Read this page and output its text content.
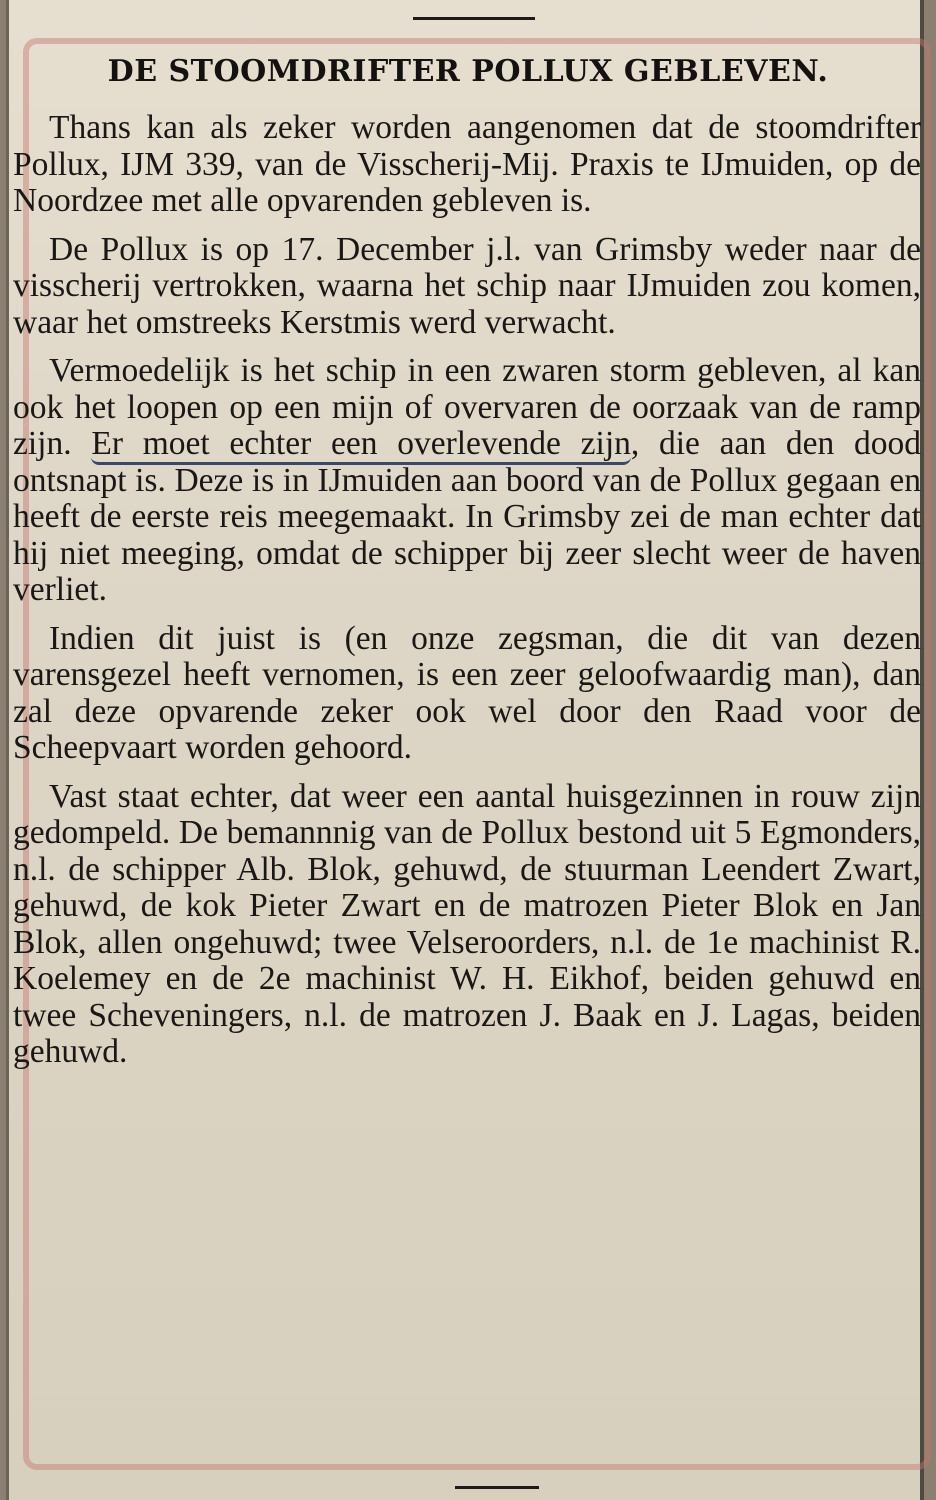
DE STOOMDRIFTER POLLUX GEBLEVEN.

Thans kan als zeker worden aangenomen dat de stoomdrifter Pollux, IJM 339, van de Visscherij-Mij. Praxis te IJmuiden, op de Noordzee met alle opvarenden gebleven is.

De Pollux is op 17. December j.l. van Grimsby weder naar de visscherij vertrokken, waarna het schip naar IJmuiden zou komen, waar het omstreeks Kerstmis werd verwacht.

Vermoedelijk is het schip in een zwaren storm gebleven, al kan ook het loopen op een mijn of overvaren de oorzaak van de ramp zijn. Er moet echter een overlevende zijn, die aan den dood ontsnapt is. Deze is in IJmuiden aan boord van de Pollux gegaan en heeft de eerste reis meegemaakt. In Grimsby zei de man echter dat hij niet meeging, omdat de schipper bij zeer slecht weer de haven verliet.

Indien dit juist is (en onze zegsman, die dit van dezen varensgezel heeft vernomen, is een zeer geloofwaardig man), dan zal deze opvarende zeker ook wel door den Raad voor de Scheepvaart worden gehoord.

Vast staat echter, dat weer een aantal huisgezinnen in rouw zijn gedompeld. De bemannnig van de Pollux bestond uit 5 Egmonders, n.l. de schipper Alb. Blok, gehuwd, de stuurman Leendert Zwart, gehuwd, de kok Pieter Zwart en de matrozen Pieter Blok en Jan Blok, allen ongehuwd; twee Velseroorders, n.l. de 1e machinist R. Koelemey en de 2e machinist W. H. Eikhof, beiden gehuwd en twee Scheveningers, n.l. de matrozen J. Baak en J. Lagas, beiden gehuwd.
